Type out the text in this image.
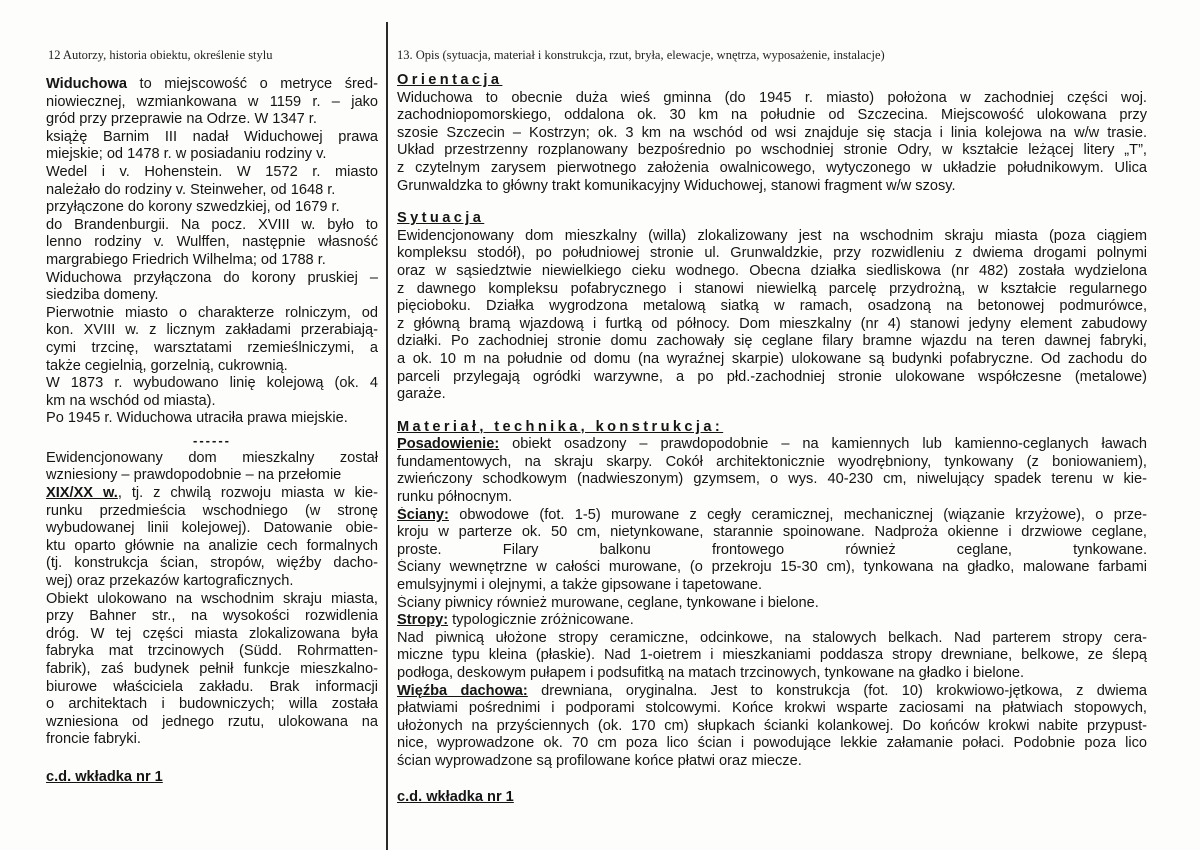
12 Autorzy, historia obiektu, określenie stylu
Widuchowa to miejscowość o metryce śred-
niowiecznej, wzmiankowana w 1159 r. – jako
gród przy przeprawie na Odrze. W 1347 r.
książę Barnim III nadał Widuchowej prawa
miejskie; od 1478 r. w posiadaniu rodziny v.
Wedel i v. Hohenstein. W 1572 r. miasto
należało do rodziny v. Steinweher, od 1648 r.
przyłączone do korony szwedzkiej, od 1679 r.
do Brandenburgii. Na pocz. XVIII w. było to
lenno rodziny v. Wulffen, następnie własność
margrabiego Friedrich Wilhelma; od 1788 r.
Widuchowa przyłączona do korony pruskiej –
siedziba domeny.
Pierwotnie miasto o charakterze rolniczym, od
kon. XVIII w. z licznym zakładami przerabiają-
cymi trzcinę, warsztatami rzemieślniczymi, a
także cegielnią, gorzelnią, cukrownią.
W 1873 r. wybudowano linię kolejową (ok. 4
km na wschód od miasta).
Po 1945 r. Widuchowa utraciła prawa miejskie.
------
Ewidencjonowany dom mieszkalny został
wzniesiony – prawdopodobnie – na przełomie
XIX/XX w., tj. z chwilą rozwoju miasta w kie-
runku przedmieścia wschodniego (w stronę
wybudowanej linii kolejowej). Datowanie obie-
ktu oparto głównie na analizie cech formalnych
(tj. konstrukcja ścian, stropów, więźby dacho-
wej) oraz przekazów kartograficznych.
Obiekt ulokowano na wschodnim skraju miasta,
przy Bahner str., na wysokości rozwidlenia
dróg. W tej części miasta zlokalizowana była
fabryka mat trzcinowych (Südd. Rohrmatten-
fabrik), zaś budynek pełnił funkcje mieszkalno-
biurowe właściciela zakładu. Brak informacji
o architektach i budowniczych; willa została
wzniesiona od jednego rzutu, ulokowana na
froncie fabryki.
c.d. wkładka nr 1
13. Opis (sytuacja, materiał i konstrukcja, rzut, bryła, elewacje, wnętrza, wyposażenie, instalacje)
Orientacja
Widuchowa to obecnie duża wieś gminna (do 1945 r. miasto) położona w zachodniej części woj.
zachodniopomorskiego, oddalona ok. 30 km na południe od Szczecina. Miejscowość ulokowana przy
szosie Szczecin – Kostrzyn; ok. 3 km na wschód od wsi znajduje się stacja i linia kolejowa na w/w trasie.
Układ przestrzenny rozplanowany bezpośrednio po wschodniej stronie Odry, w kształcie leżącej litery „T”,
z czytelnym zarysem pierwotnego założenia owalnicowego, wytyczonego w układzie południkowym. Ulica
Grunwaldzka to główny trakt komunikacyjny Widuchowej, stanowi fragment w/w szosy.
Sytuacja
Ewidencjonowany dom mieszkalny (willa) zlokalizowany jest na wschodnim skraju miasta (poza ciągiem
kompleksu stodół), po południowej stronie ul. Grunwaldzkie, przy rozwidleniu z dwiema drogami polnymi
oraz w sąsiedztwie niewielkiego cieku wodnego. Obecna działka siedliskowa (nr 482) została wydzielona
z dawnego kompleksu pofabrycznego i stanowi niewielką parcelę przydrożną, w kształcie regularnego
pięcioboku. Działka wygrodzona metalową siatką w ramach, osadzoną na betonowej podmurówce,
z główną bramą wjazdową i furtką od północy. Dom mieszkalny (nr 4) stanowi jedyny element zabudowy
działki. Po zachodniej stronie domu zachowały się ceglane filary bramne wjazdu na teren dawnej fabryki,
a ok. 10 m na południe od domu (na wyraźnej skarpie) ulokowane są budynki pofabryczne. Od zachodu do
parceli przylegają ogródki warzywne, a po płd.-zachodniej stronie ulokowane współczesne (metalowe)
garaże.
Materiał, technika, konstrukcja:
Posadowienie: obiekt osadzony – prawdopodobnie – na kamiennych lub kamienno-ceglanych ławach
fundamentowych, na skraju skarpy. Cokół architektonicznie wyodrębniony, tynkowany (z boniowaniem),
zwieńczony schodkowym (nadwieszonym) gzymsem, o wys. 40-230 cm, niwelujący spadek terenu w kie-
runku północnym.
Ściany: obwodowe (fot. 1-5) murowane z cegły ceramicznej, mechanicznej (wiązanie krzyżowe), o prze-
kroju w parterze ok. 50 cm, nietynkowane, starannie spoinowane. Nadproża okienne i drzwiowe ceglane,
proste. Filary balkonu frontowego również ceglane, tynkowane.
Ściany wewnętrzne w całości murowane, (o przekroju 15-30 cm), tynkowana na gładko, malowane farbami
emulsyjnymi i olejnymi, a także gipsowane i tapetowane.
Ściany piwnicy również murowane, ceglane, tynkowane i bielone.
Stropy: typologicznie zróżnicowane.
Nad piwnicą ułożone stropy ceramiczne, odcinkowe, na stalowych belkach. Nad parterem stropy cera-
miczne typu kleina (płaskie). Nad 1-oietrem i mieszkaniami poddasza stropy drewniane, belkowe, ze ślepą
podłoga, deskowym pułapem i podsufitką na matach trzcinowych, tynkowane na gładko i bielone.
Więźba dachowa: drewniana, oryginalna. Jest to konstrukcja (fot. 10) krokwiowo-jętkowa, z dwiema
płatwiami pośrednimi i podporami stolcowymi. Końce krokwi wsparte zaciosami na płatwiach stopowych,
ułożonych na przyściennych (ok. 170 cm) słupkach ścianki kolankowej. Do końców krokwi nabite przypust-
nice, wyprowadzone ok. 70 cm poza lico ścian i powodujące lekkie załamanie połaci. Podobnie poza lico
ścian wyprowadzone są profilowane końce płatwi oraz miecze.
c.d. wkładka nr 1
